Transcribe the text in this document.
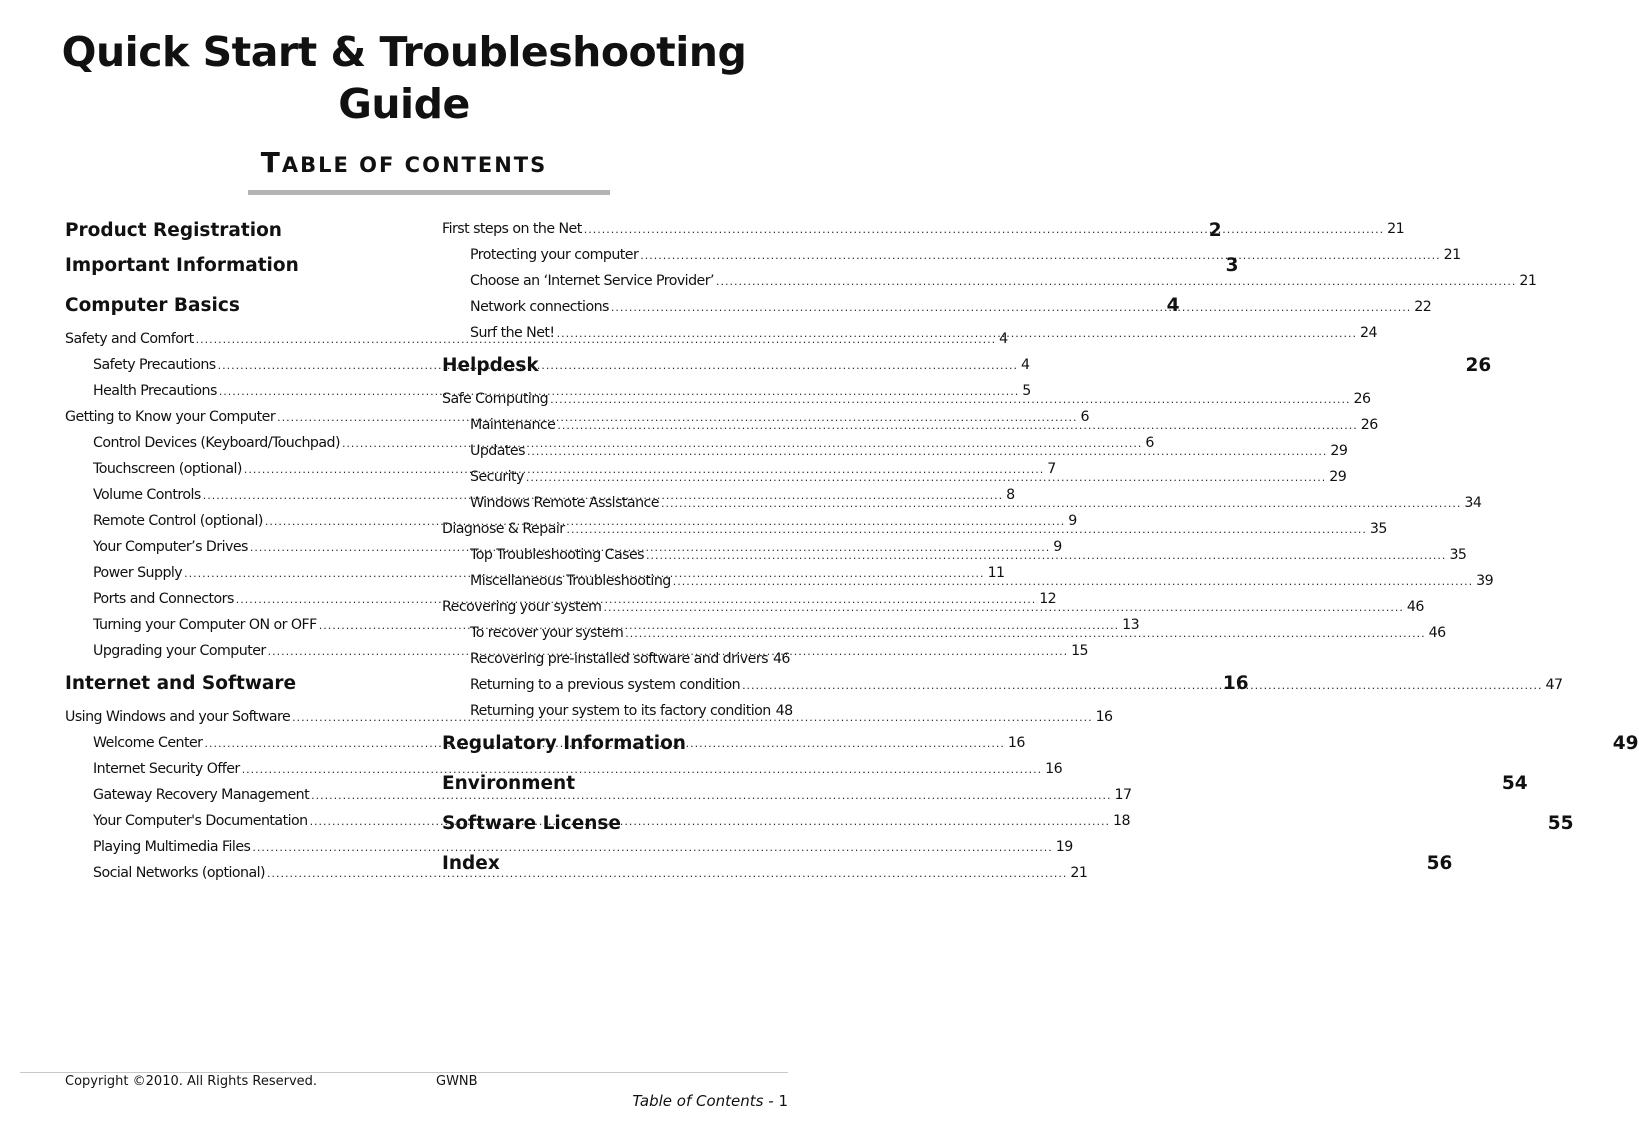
Quick Start & Troubleshooting
Guide
TABLE OF CONTENTS
Product Registration	2
Important Information	3
Computer Basics	4
Safety and Comfort .....	4
Safety Precautions .....	4
Health Precautions .....	5
Getting to Know your Computer .....	6
Control Devices (Keyboard/Touchpad) .....	6
Touchscreen (optional) .....	7
Volume Controls .....	8
Remote Control (optional) .....	9
Your Computer’s Drives .....	9
Power Supply .....	11
Ports and Connectors .....	12
Turning your Computer ON or OFF .....	13
Upgrading your Computer .....	15
Internet and Software	16
Using Windows and your Software .....	16
Welcome Center .....	16
Internet Security Offer .....	16
Gateway Recovery Management .....	17
Your Computer's Documentation .....	18
Playing Multimedia Files .....	19
Social Networks (optional) .....	21
First steps on the Net .....	21
Protecting your computer .....	21
Choose an ‘Internet Service Provider’ .....	21
Network connections .....	22
Surf the Net! .....	24
Helpdesk	26
Safe Computing .....	26
Maintenance .....	26
Updates .....	29
Security .....	29
Windows Remote Assistance .....	34
Diagnose & Repair .....	35
Top Troubleshooting Cases .....	35
Miscellaneous Troubleshooting .....	39
Recovering your system .....	46
To recover your system .....	46
Recovering pre-installed software and drivers 46
Returning to a previous system condition .....	47
Returning your system to its factory condition 48
Regulatory Information	49
Environment	54
Software License	55
Index	56
Copyright ©2010. All Rights Reserved.	GWNB
Table of Contents - 1
